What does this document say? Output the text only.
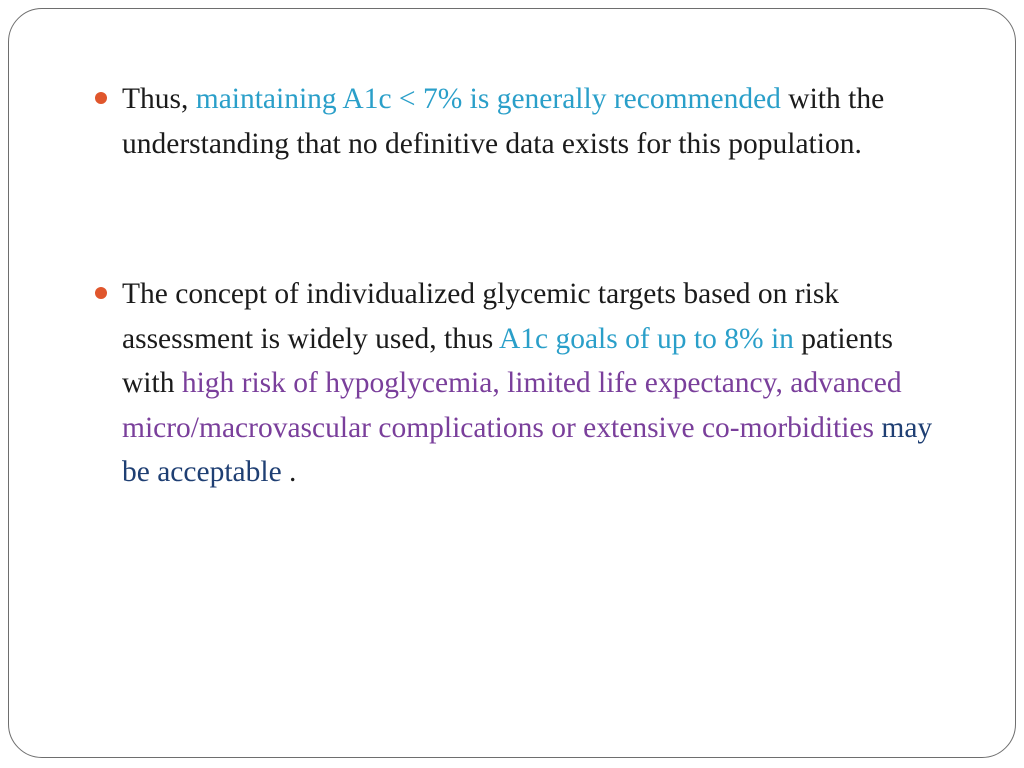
Thus, maintaining A1c < 7% is generally recommended with the understanding that no definitive data exists for this population.
The concept of individualized glycemic targets based on risk assessment is widely used, thus A1c goals of up to 8% in patients with high risk of hypoglycemia, limited life expectancy, advanced micro/macrovascular complications or extensive co-morbidities may be acceptable .
